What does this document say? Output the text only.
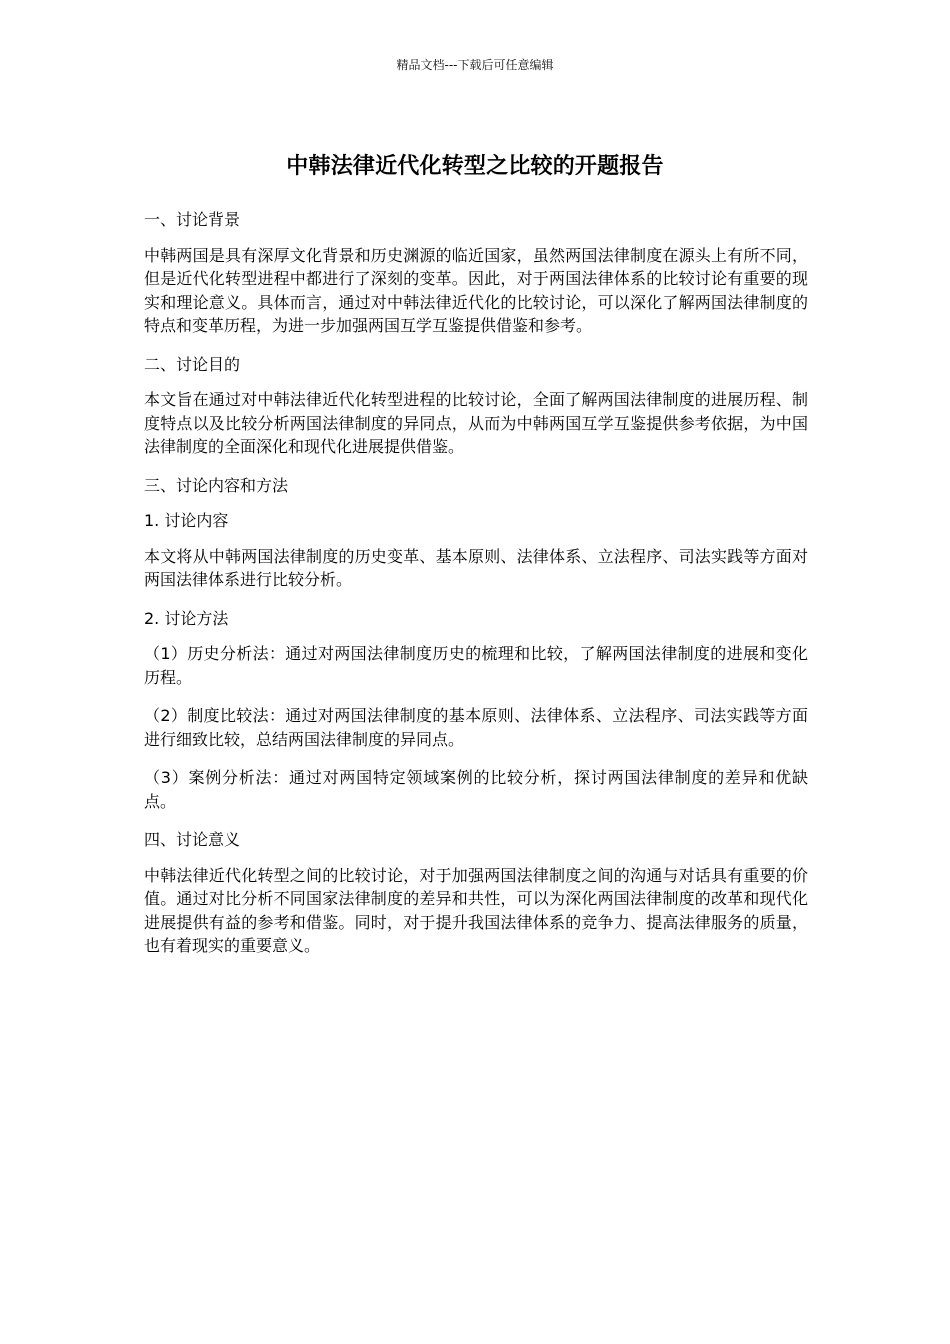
精品文档---下载后可任意编辑
中韩法律近代化转型之比较的开题报告

一、讨论背景

中韩两国是具有深厚文化背景和历史渊源的临近国家，虽然两国法律制度在源头上有所不同，但是近代化转型进程中都进行了深刻的变革。因此，对于两国法律体系的比较讨论有重要的现实和理论意义。具体而言，通过对中韩法律近代化的比较讨论，可以深化了解两国法律制度的特点和变革历程，为进一步加强两国互学互鉴提供借鉴和参考。

二、讨论目的

本文旨在通过对中韩法律近代化转型进程的比较讨论，全面了解两国法律制度的进展历程、制度特点以及比较分析两国法律制度的异同点，从而为中韩两国互学互鉴提供参考依据，为中国法律制度的全面深化和现代化进展提供借鉴。

三、讨论内容和方法

1. 讨论内容

本文将从中韩两国法律制度的历史变革、基本原则、法律体系、立法程序、司法实践等方面对两国法律体系进行比较分析。

2. 讨论方法

（1）历史分析法：通过对两国法律制度历史的梳理和比较，了解两国法律制度的进展和变化历程。

（2）制度比较法：通过对两国法律制度的基本原则、法律体系、立法程序、司法实践等方面进行细致比较，总结两国法律制度的异同点。

（3）案例分析法：通过对两国特定领域案例的比较分析，探讨两国法律制度的差异和优缺点。

四、讨论意义

中韩法律近代化转型之间的比较讨论，对于加强两国法律制度之间的沟通与对话具有重要的价值。通过对比分析不同国家法律制度的差异和共性，可以为深化两国法律制度的改革和现代化进展提供有益的参考和借鉴。同时，对于提升我国法律体系的竞争力、提高法律服务的质量，也有着现实的重要意义。
